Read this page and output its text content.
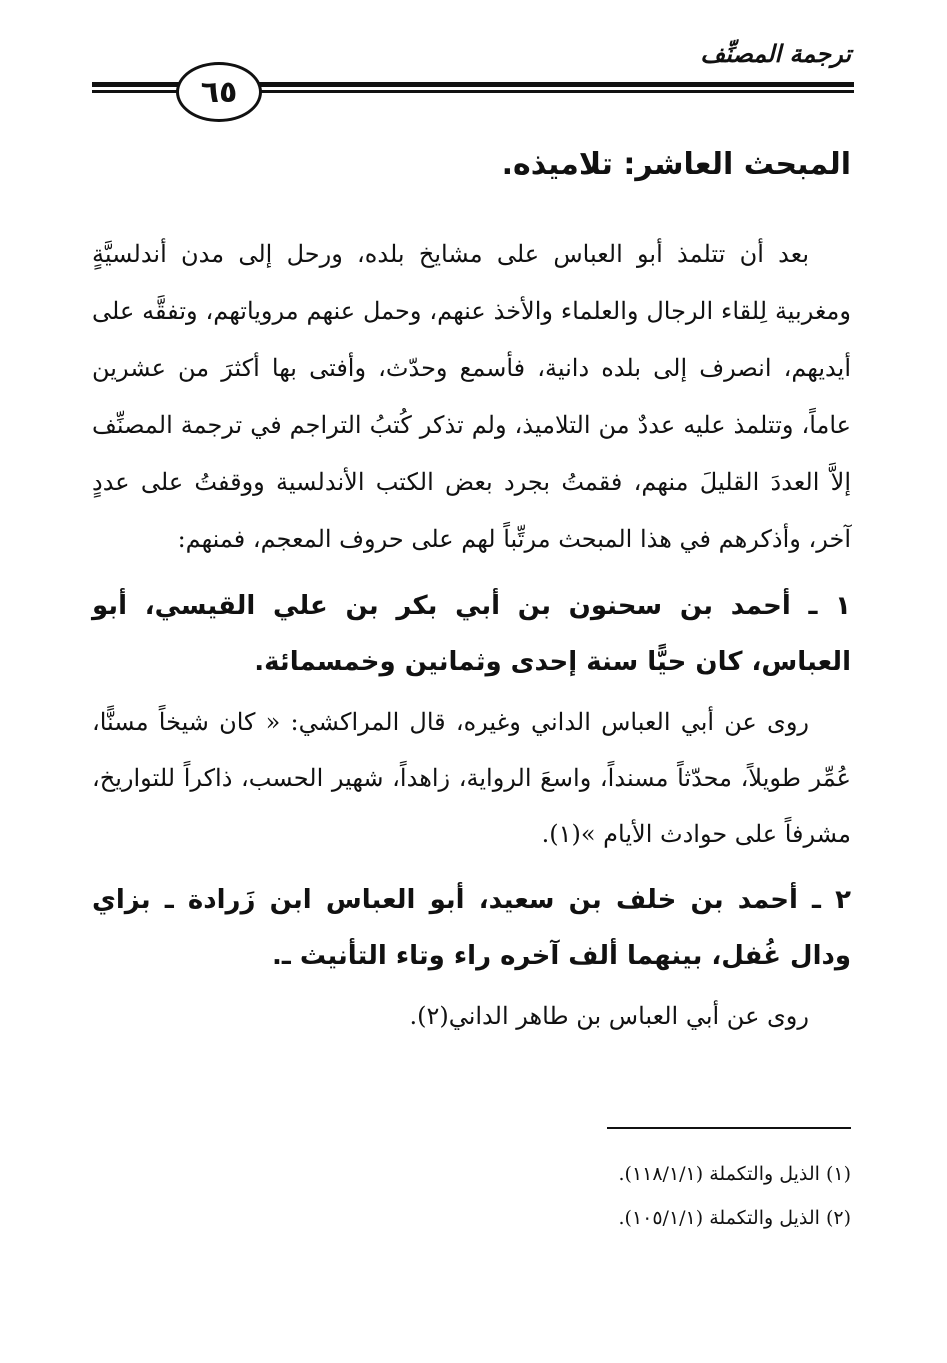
ترجمة المصنِّف
٦٥
المبحث العاشر: تلاميذه.

بعد أن تتلمذ أبو العباس على مشايخ بلده، ورحل إلى مدن أندلسيَّةٍ ومغربية لِلقاء الرجال والعلماء والأخذ عنهم، وحمل عنهم مروياتهم، وتفقَّه على أيديهم، انصرف إلى بلده دانية، فأسمع وحدّث، وأفتى بها أكثرَ من عشرين عاماً، وتتلمذ عليه عددٌ من التلاميذ، ولم تذكر كُتبُ التراجم في ترجمة المصنِّف إلاَّ العددَ القليلَ منهم، فقمتُ بجرد بعض الكتب الأندلسية ووقفتُ على عددٍ آخر، وأذكرهم في هذا المبحث مرتِّباً لهم على حروف المعجم، فمنهم:

١ ـ أحمد بن سحنون بن أبي بكر بن علي القيسي، أبو العباس، كان حيًّا سنة إحدى وثمانين وخمسمائة.

روى عن أبي العباس الداني وغيره، قال المراكشي: « كان شيخاً مسنًّا، عُمِّر طويلاً، محدّثاً مسنداً، واسعَ الرواية، زاهداً، شهير الحسب، ذاكراً للتواريخ، مشرفاً على حوادث الأيام »(١).

٢ ـ أحمد بن خلف بن سعيد، أبو العباس ابن زَرادة ـ بزاي ودال غُفل، بينهما ألف آخره راء وتاء التأنيث ـ.

روى عن أبي العباس بن طاهر الداني(٢).

(١) الذيل والتكملة (١١٨/١/١).

(٢) الذيل والتكملة (١٠٥/١/١).
